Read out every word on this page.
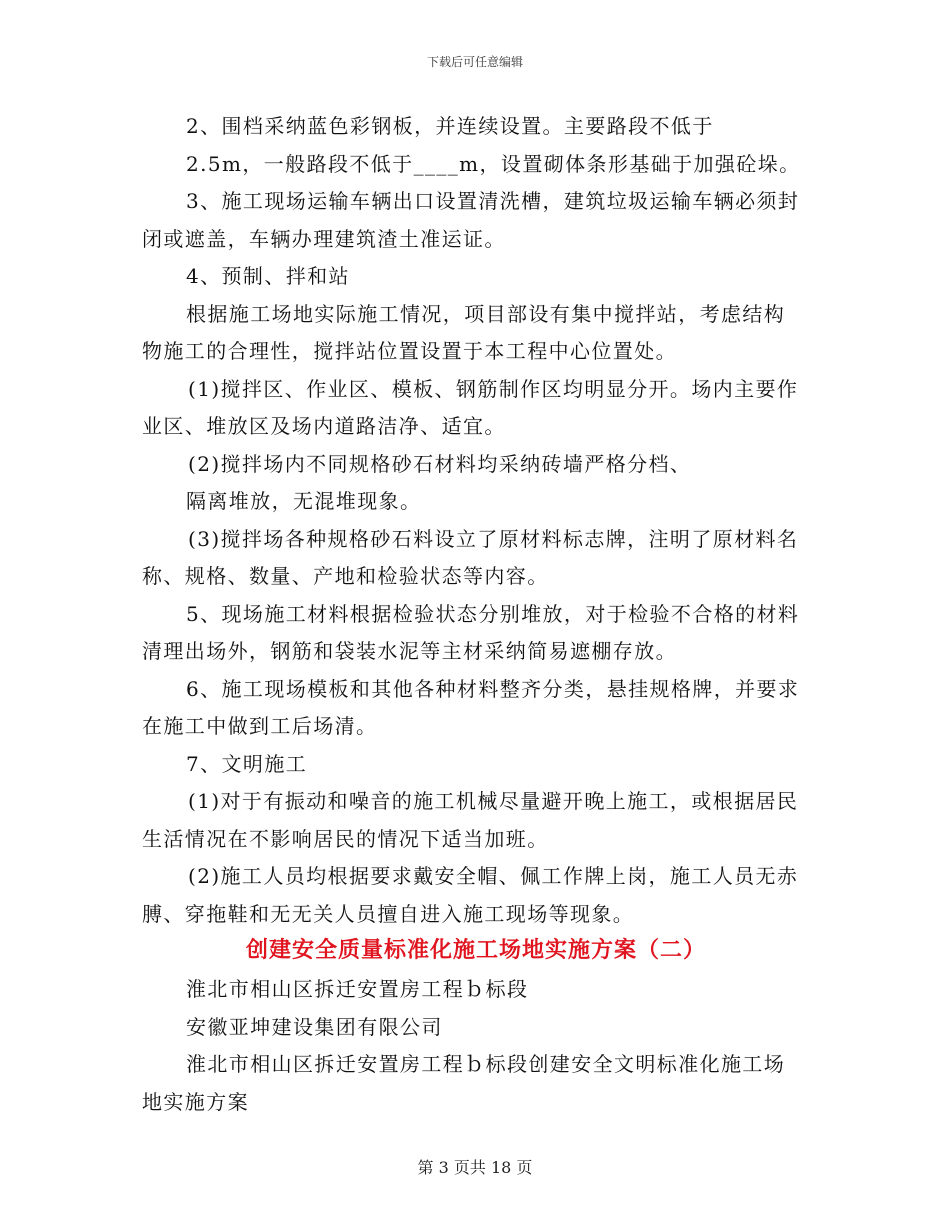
下载后可任意编辑
2、围档采纳蓝色彩钢板，并连续设置。主要路段不低于
2.5m，一般路段不低于____m，设置砌体条形基础于加强砼垛。
3、施工现场运输车辆出口设置清洗槽，建筑垃圾运输车辆必须封
闭或遮盖，车辆办理建筑渣土准运证。
4、预制、拌和站
根据施工场地实际施工情况，项目部设有集中搅拌站，考虑结构
物施工的合理性，搅拌站位置设置于本工程中心位置处。
(1)搅拌区、作业区、模板、钢筋制作区均明显分开。场内主要作
业区、堆放区及场内道路洁净、适宜。
(2)搅拌场内不同规格砂石材料均采纳砖墙严格分档、
隔离堆放，无混堆现象。
(3)搅拌场各种规格砂石料设立了原材料标志牌，注明了原材料名
称、规格、数量、产地和检验状态等内容。
5、现场施工材料根据检验状态分别堆放，对于检验不合格的材料
清理出场外，钢筋和袋装水泥等主材采纳简易遮棚存放。
6、施工现场模板和其他各种材料整齐分类，悬挂规格牌，并要求
在施工中做到工后场清。
7、文明施工
(1)对于有振动和噪音的施工机械尽量避开晚上施工，或根据居民
生活情况在不影响居民的情况下适当加班。
(2)施工人员均根据要求戴安全帽、佩工作牌上岗，施工人员无赤
膊、穿拖鞋和无无关人员擅自进入施工现场等现象。
创建安全质量标准化施工场地实施方案（二）
淮北市相山区拆迁安置房工程ｂ标段
安徽亚坤建设集团有限公司
淮北市相山区拆迁安置房工程ｂ标段创建安全文明标准化施工场
地实施方案
第 3 页共 18 页
